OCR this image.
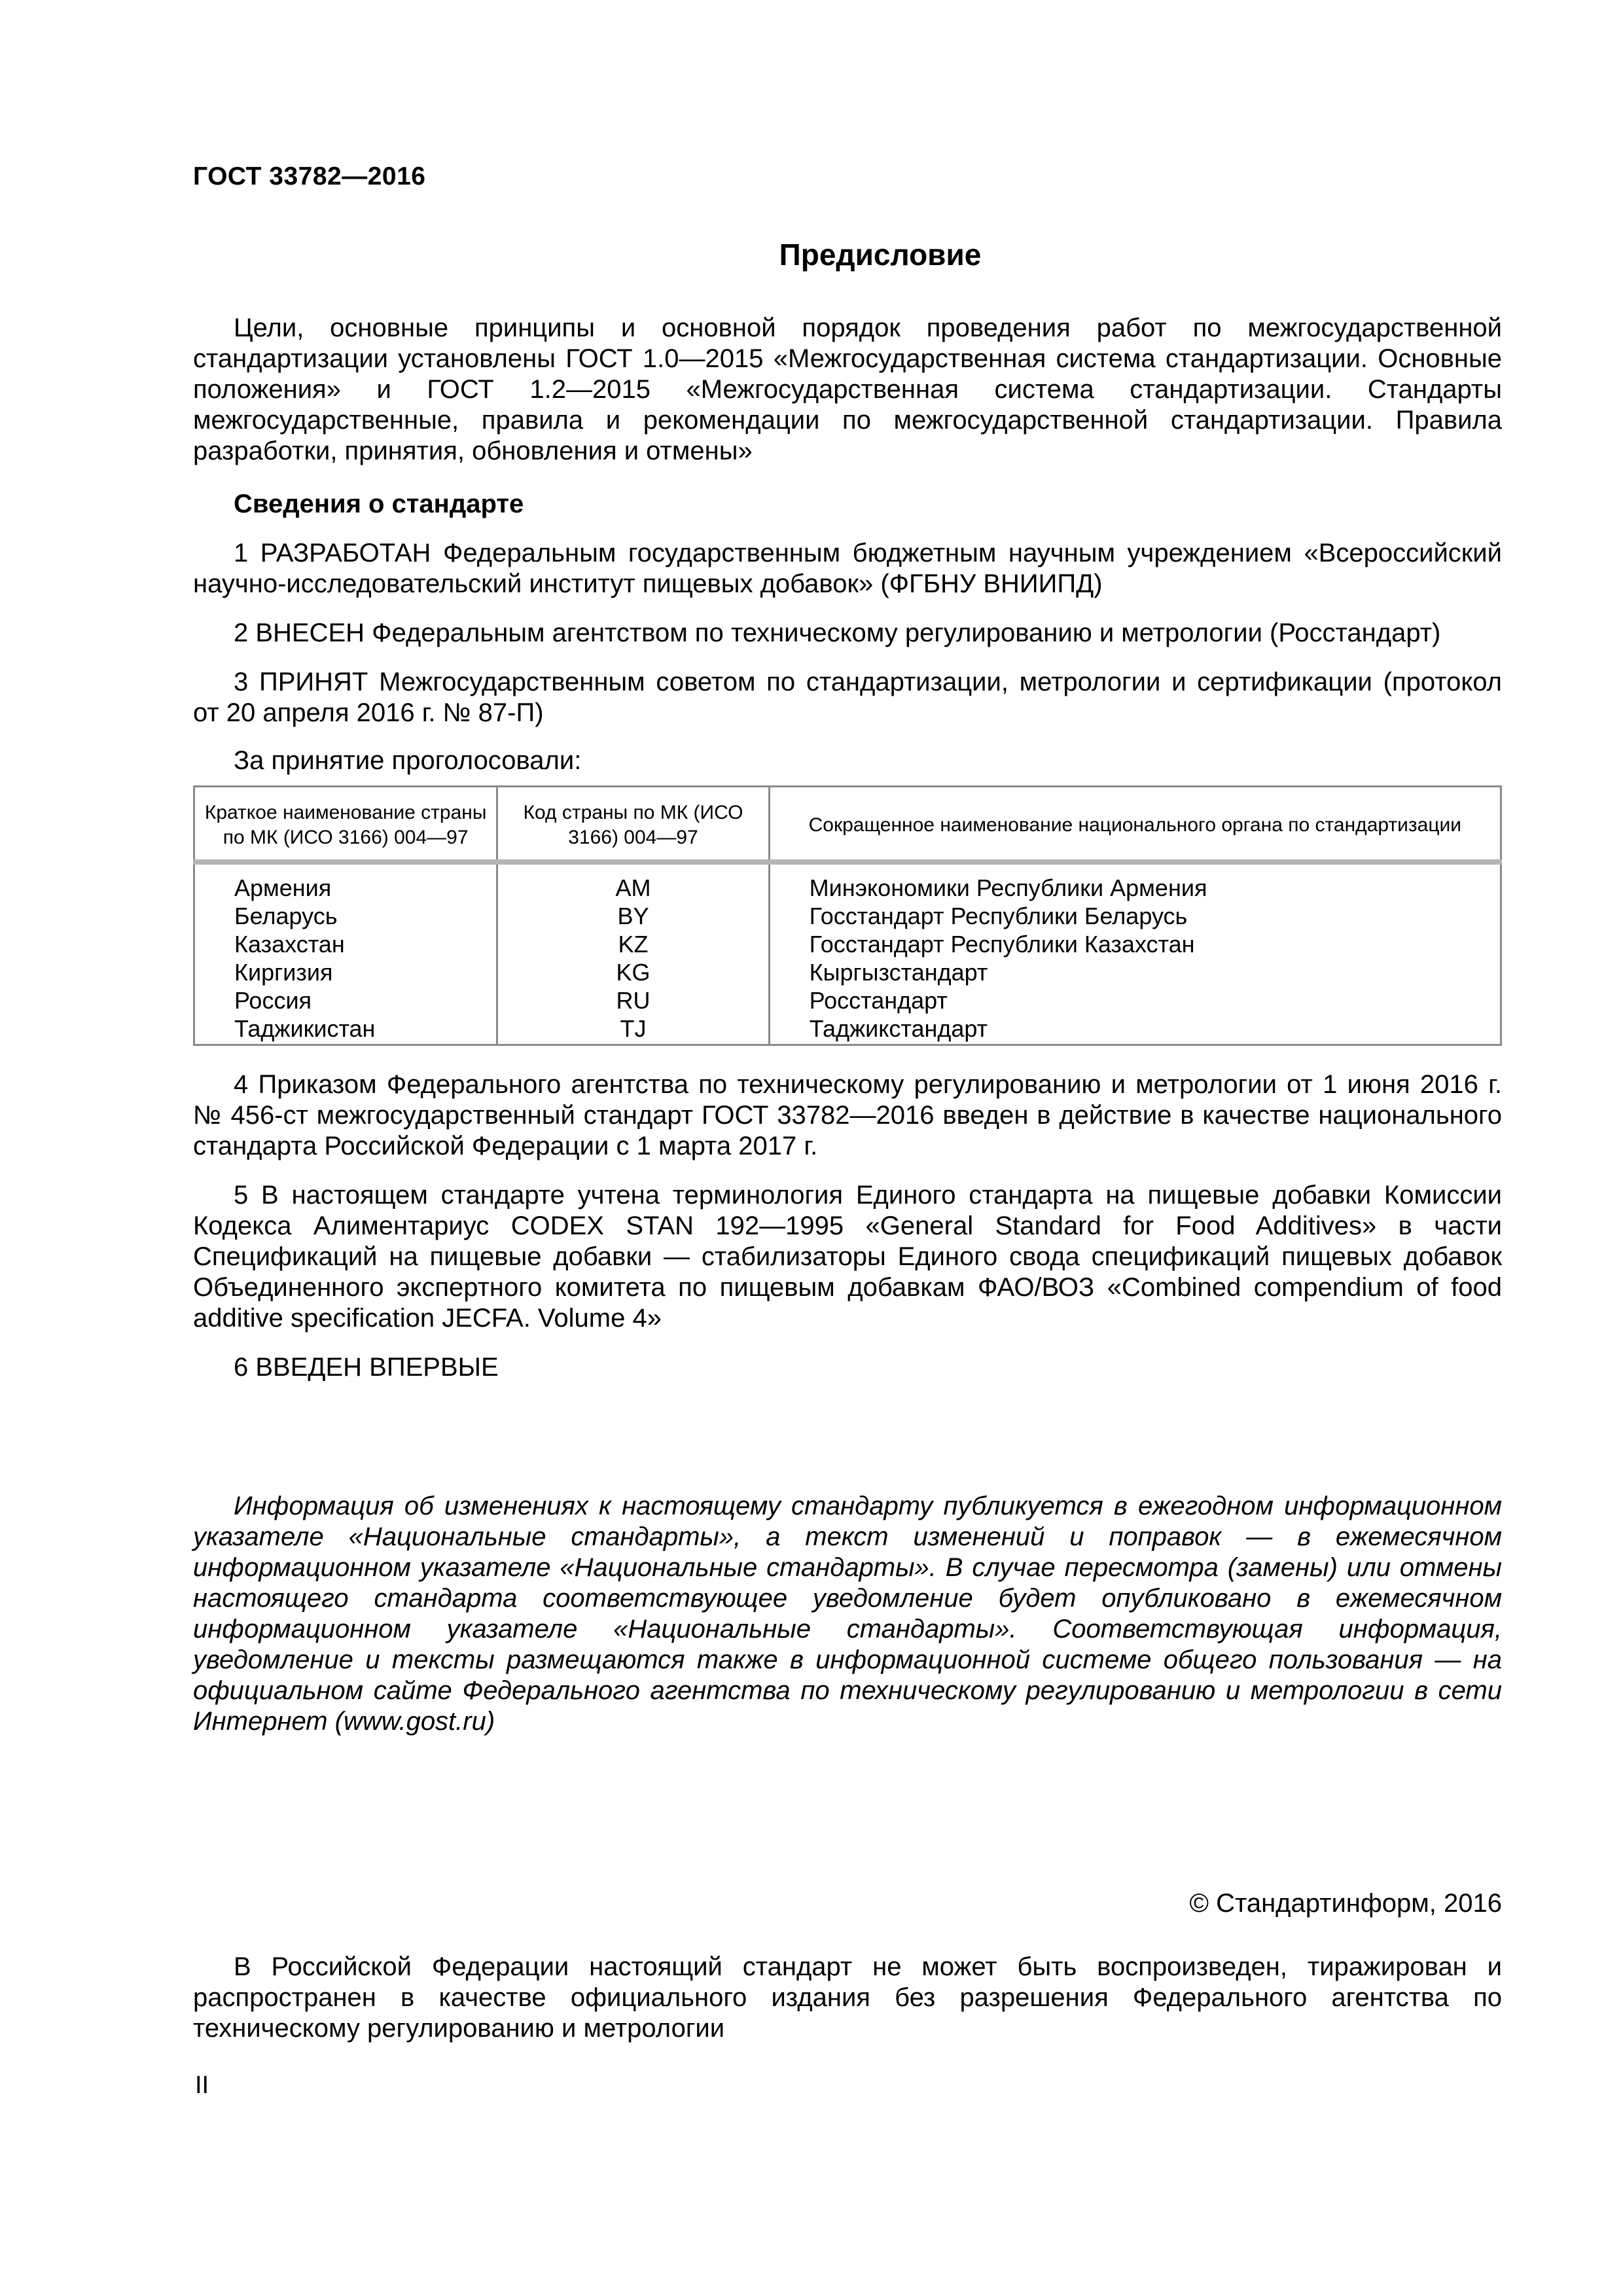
ГОСТ 33782—2016
Предисловие

Цели, основные принципы и основной порядок проведения работ по межгосударственной стандартизации установлены ГОСТ 1.0—2015 «Межгосударственная система стандартизации. Основные положения» и ГОСТ 1.2—2015 «Межгосударственная система стандартизации. Стандарты межгосударственные, правила и рекомендации по межгосударственной стандартизации. Правила разработки, принятия, обновления и отмены»

Сведения о стандарте

1 РАЗРАБОТАН Федеральным государственным бюджетным научным учреждением «Всероссийский научно-исследовательский институт пищевых добавок» (ФГБНУ ВНИИПД)

2 ВНЕСЕН Федеральным агентством по техническому регулированию и метрологии (Росстандарт)

3 ПРИНЯТ Межгосударственным советом по стандартизации, метрологии и сертификации (протокол от 20 апреля 2016 г. № 87-П)

За принятие проголосовали:

Краткое наименование страны по МК (ИСО 3166) 004—97	Код страны по МК (ИСО 3166) 004—97	Сокращенное наименование национального органа по стандартизации
Армения	AM	Минэкономики Республики Армения
Беларусь	BY	Госстандарт Республики Беларусь
Казахстан	KZ	Госстандарт Республики Казахстан
Киргизия	KG	Кыргызстандарт
Россия	RU	Росстандарт
Таджикистан	TJ	Таджикстандарт

4 Приказом Федерального агентства по техническому регулированию и метрологии от 1 июня 2016 г. № 456-ст межгосударственный стандарт ГОСТ 33782—2016 введен в действие в качестве национального стандарта Российской Федерации с 1 марта 2017 г.

5 В настоящем стандарте учтена терминология Единого стандарта на пищевые добавки Комиссии Кодекса Алиментариус CODEX STAN 192—1995 «General Standard for Food Additives» в части Спецификаций на пищевые добавки — стабилизаторы Единого свода спецификаций пищевых добавок Объединенного экспертного комитета по пищевым добавкам ФАО/ВОЗ «Combined compendium of food additive specification JECFA. Volume 4»

6 ВВЕДЕН ВПЕРВЫЕ

Информация об изменениях к настоящему стандарту публикуется в ежегодном информационном указателе «Национальные стандарты», а текст изменений и поправок — в ежемесячном информационном указателе «Национальные стандарты». В случае пересмотра (замены) или отмены настоящего стандарта соответствующее уведомление будет опубликовано в ежемесячном информационном указателе «Национальные стандарты». Соответствующая информация, уведомление и тексты размещаются также в информационной системе общего пользования — на официальном сайте Федерального агентства по техническому регулированию и метрологии в сети Интернет (www.gost.ru)

© Стандартинформ, 2016

В Российской Федерации настоящий стандарт не может быть воспроизведен, тиражирован и распространен в качестве официального издания без разрешения Федерального агентства по техническому регулированию и метрологии

II
